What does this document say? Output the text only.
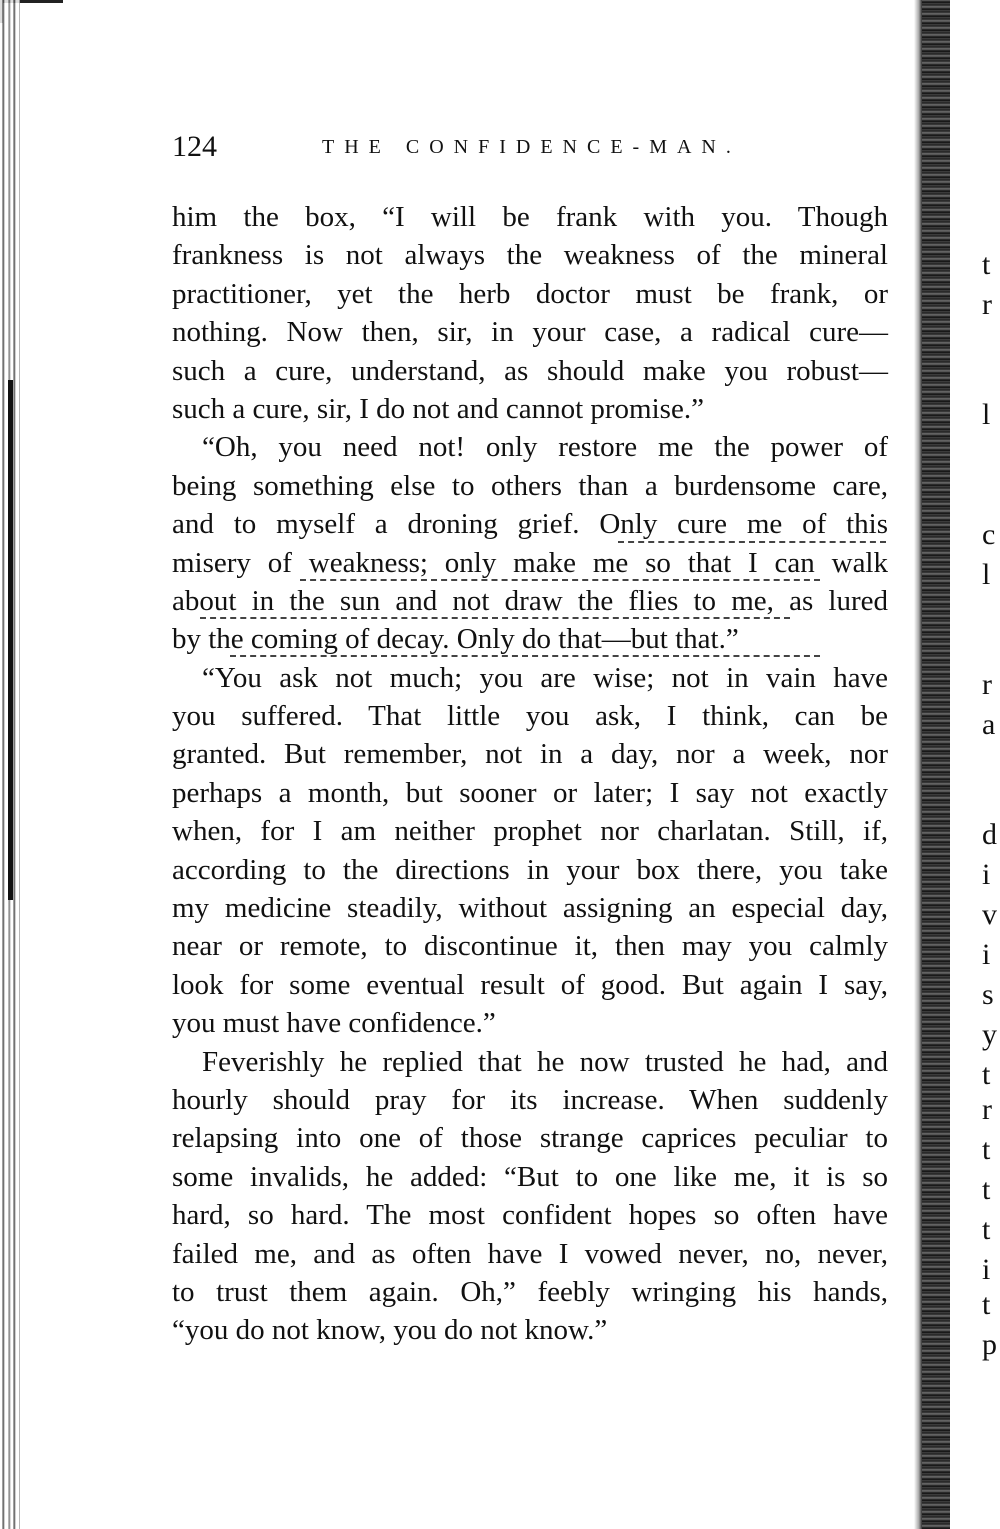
124	THE CONFIDENCE-MAN.
him the box, “I will be frank with you. Though
frankness is not always the weakness of the mineral
practitioner, yet the herb doctor must be frank, or
nothing. Now then, sir, in your case, a radical cure—
such a cure, understand, as should make you robust—
such a cure, sir, I do not and cannot promise.”
“Oh, you need not! only restore me the power of
being something else to others than a burdensome care,
and to myself a droning grief. Only cure me of this
misery of weakness; only make me so that I can walk
about in the sun and not draw the flies to me, as lured
by the coming of decay. Only do that—but that.”
“You ask not much; you are wise; not in vain have
you suffered. That little you ask, I think, can be
granted. But remember, not in a day, nor a week, nor
perhaps a month, but sooner or later; I say not exactly
when, for I am neither prophet nor charlatan. Still, if,
according to the directions in your box there, you take
my medicine steadily, without assigning an especial day,
near or remote, to discontinue it, then may you calmly
look for some eventual result of good. But again I say,
you must have confidence.”
Feverishly he replied that he now trusted he had, and
hourly should pray for its increase. When suddenly
relapsing into one of those strange caprices peculiar to
some invalids, he added: “But to one like me, it is so
hard, so hard. The most confident hopes so often have
failed me, and as often have I vowed never, no, never,
to trust them again. Oh,” feebly wringing his hands,
“you do not know, you do not know.”
t
r
l
c
l
r
a
d
i
v
i
s
y
t
r
t
t
t
i
t
p
